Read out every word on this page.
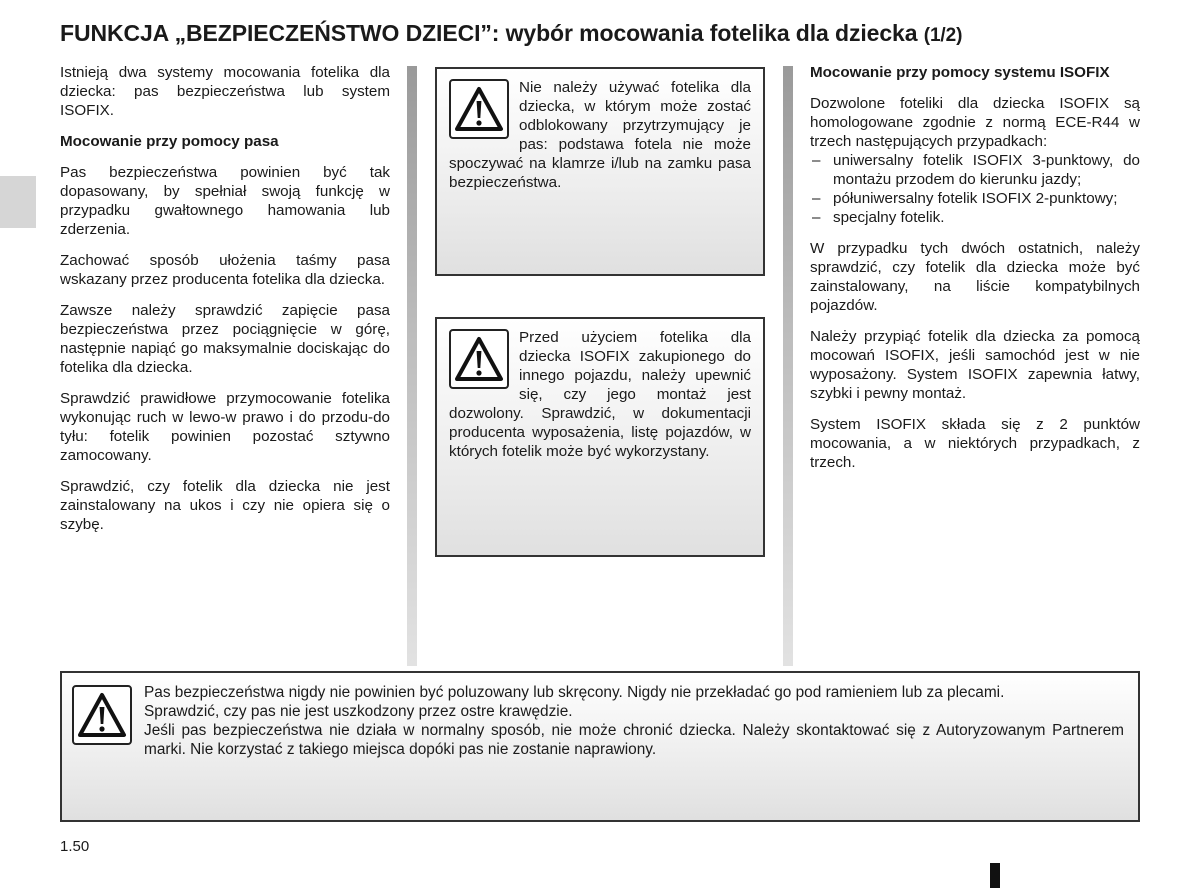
FUNKCJA „BEZPIECZEŃSTWO DZIECI”: wybór mocowania fotelika dla dziecka (1/2)

Istnieją dwa systemy mocowania fotelika dla dziecka: pas bezpieczeństwa lub system ISOFIX.

Mocowanie przy pomocy pasa

Pas bezpieczeństwa powinien być tak dopasowany, by spełniał swoją funkcję w przypadku gwałtownego hamowania lub zderzenia.

Zachować sposób ułożenia taśmy pasa wskazany przez producenta fotelika dla dziecka.

Zawsze należy sprawdzić zapięcie pasa bezpieczeństwa przez pociągnięcie w górę, następnie napiąć go maksymalnie dociskając do fotelika dla dziecka.

Sprawdzić prawidłowe przymocowanie fotelika wykonując ruch w lewo-w prawo i do przodu-do tyłu: fotelik powinien pozostać sztywno zamocowany.

Sprawdzić, czy fotelik dla dziecka nie jest zainstalowany na ukos i czy nie opiera się o szybę.

Nie należy używać fotelika dla dziecka, w którym może zostać odblokowany przytrzymujący je pas: podstawa fotela nie może spoczywać na klamrze i/lub na zamku pasa bezpieczeństwa.
Przed użyciem fotelika dla dziecka ISOFIX zakupionego do innego pojazdu, należy upewnić się, czy jego montaż jest dozwolony. Sprawdzić, w dokumentacji producenta wyposażenia, listę pojazdów, w których fotelik może być wykorzystany.

Mocowanie przy pomocy systemu ISOFIX

Dozwolone foteliki dla dziecka ISOFIX są homologowane zgodnie z normą ECE-R44 w trzech następujących przypadkach:

– uniwersalny fotelik ISOFIX 3-punktowy, do montażu przodem do kierunku jazdy;
– półuniwersalny fotelik ISOFIX 2-punktowy;
– specjalny fotelik.

W przypadku tych dwóch ostatnich, należy sprawdzić, czy fotelik dla dziecka może być zainstalowany, na liście kompatybilnych pojazdów.

Należy przypiąć fotelik dla dziecka za pomocą mocowań ISOFIX, jeśli samochód jest w nie wyposażony. System ISOFIX zapewnia łatwy, szybki i pewny montaż.

System ISOFIX składa się z 2 punktów mocowania, a w niektórych przypadkach, z trzech.

Pas bezpieczeństwa nigdy nie powinien być poluzowany lub skręcony. Nigdy nie przekładać go pod ramieniem lub za plecami.
Sprawdzić, czy pas nie jest uszkodzony przez ostre krawędzie.
Jeśli pas bezpieczeństwa nie działa w normalny sposób, nie może chronić dziecka. Należy skontaktować się z Autoryzowanym Partnerem marki. Nie korzystać z takiego miejsca dopóki pas nie zostanie naprawiony.
1.50
